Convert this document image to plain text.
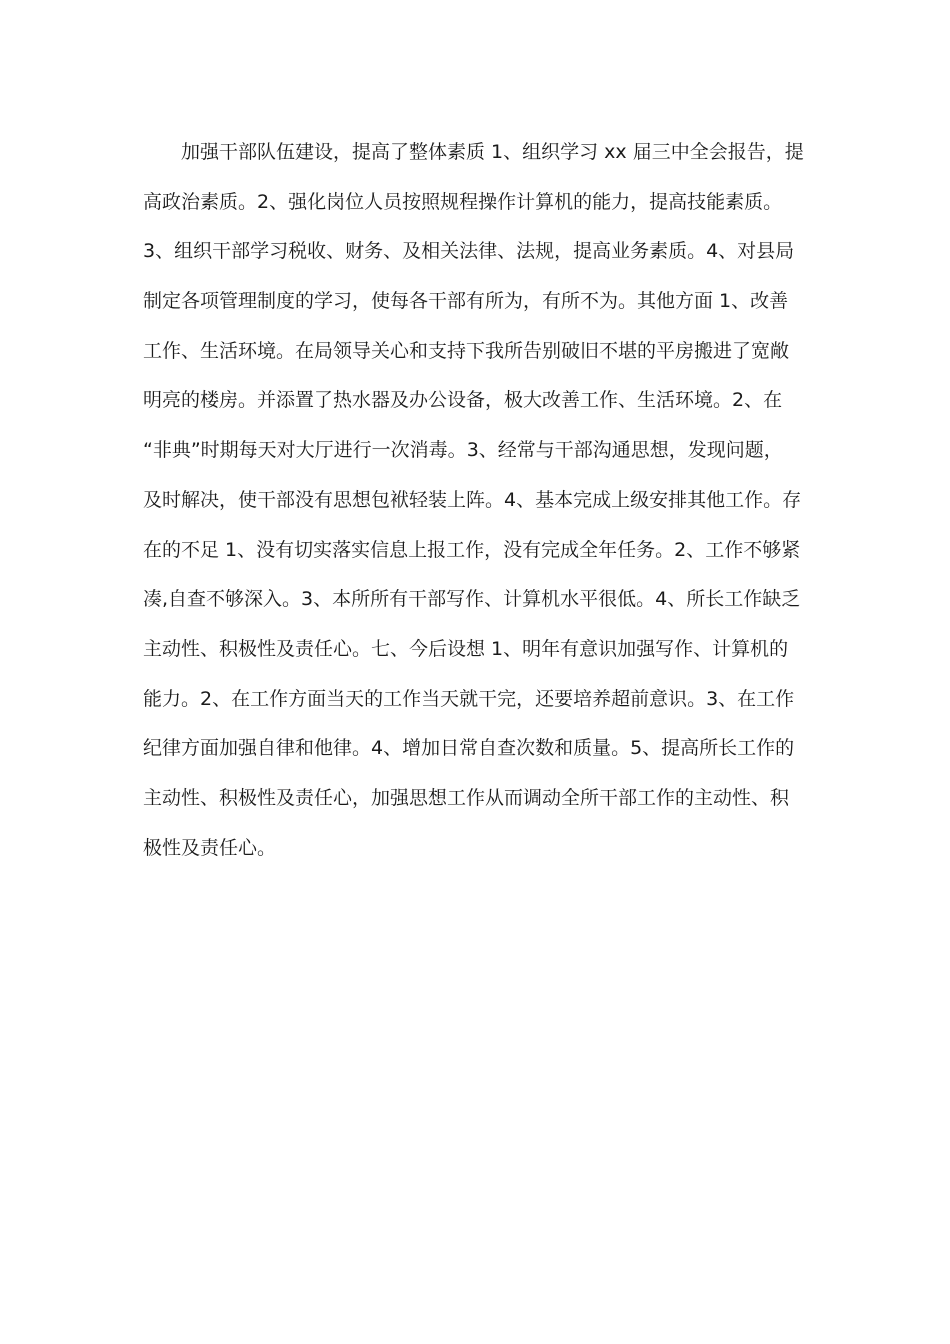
加强干部队伍建设，提高了整体素质 1、组织学习 xx 届三中全会报告，提
高政治素质。2、强化岗位人员按照规程操作计算机的能力，提高技能素质。
3、组织干部学习税收、财务、及相关法律、法规，提高业务素质。4、对县局
制定各项管理制度的学习，使每各干部有所为，有所不为。其他方面 1、改善
工作、生活环境。在局领导关心和支持下我所告别破旧不堪的平房搬进了宽敞
明亮的楼房。并添置了热水器及办公设备，极大改善工作、生活环境。2、在
“非典”时期每天对大厅进行一次消毒。3、经常与干部沟通思想，发现问题，
及时解决，使干部没有思想包袱轻装上阵。4、基本完成上级安排其他工作。存
在的不足 1、没有切实落实信息上报工作，没有完成全年任务。2、工作不够紧
凑,自查不够深入。3、本所所有干部写作、计算机水平很低。4、所长工作缺乏
主动性、积极性及责任心。七、今后设想 1、明年有意识加强写作、计算机的
能力。2、在工作方面当天的工作当天就干完，还要培养超前意识。3、在工作
纪律方面加强自律和他律。4、增加日常自查次数和质量。5、提高所长工作的
主动性、积极性及责任心，加强思想工作从而调动全所干部工作的主动性、积
极性及责任心。
